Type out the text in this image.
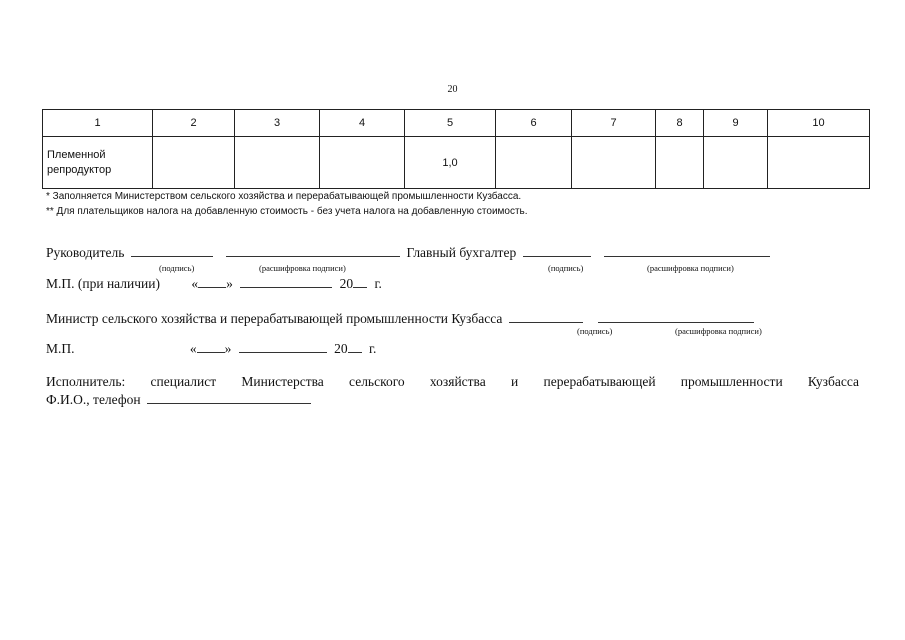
20
1	2	3	4	5	6	7	8	9	10
Племенной репродуктор				1,0					
* Заполняется Министерством сельского хозяйства и перерабатывающей промышленности Кузбасса.
** Для плательщиков налога на добавленную стоимость - без учета налога на добавленную стоимость.
Руководитель	Главный бухгалтер
(подпись)	(расшифровка подписи)	(подпись)	(расшифровка подписи)
М.П. (при наличии) « »	20 г.
Министр сельского хозяйства и перерабатывающей промышленности Кузбасса
(подпись)	(расшифровка подписи)
М.П.	« »	20 г.
Исполнитель: специалист Министерства сельского хозяйства и перерабатывающей промышленности Кузбасса
Ф.И.О., телефон
